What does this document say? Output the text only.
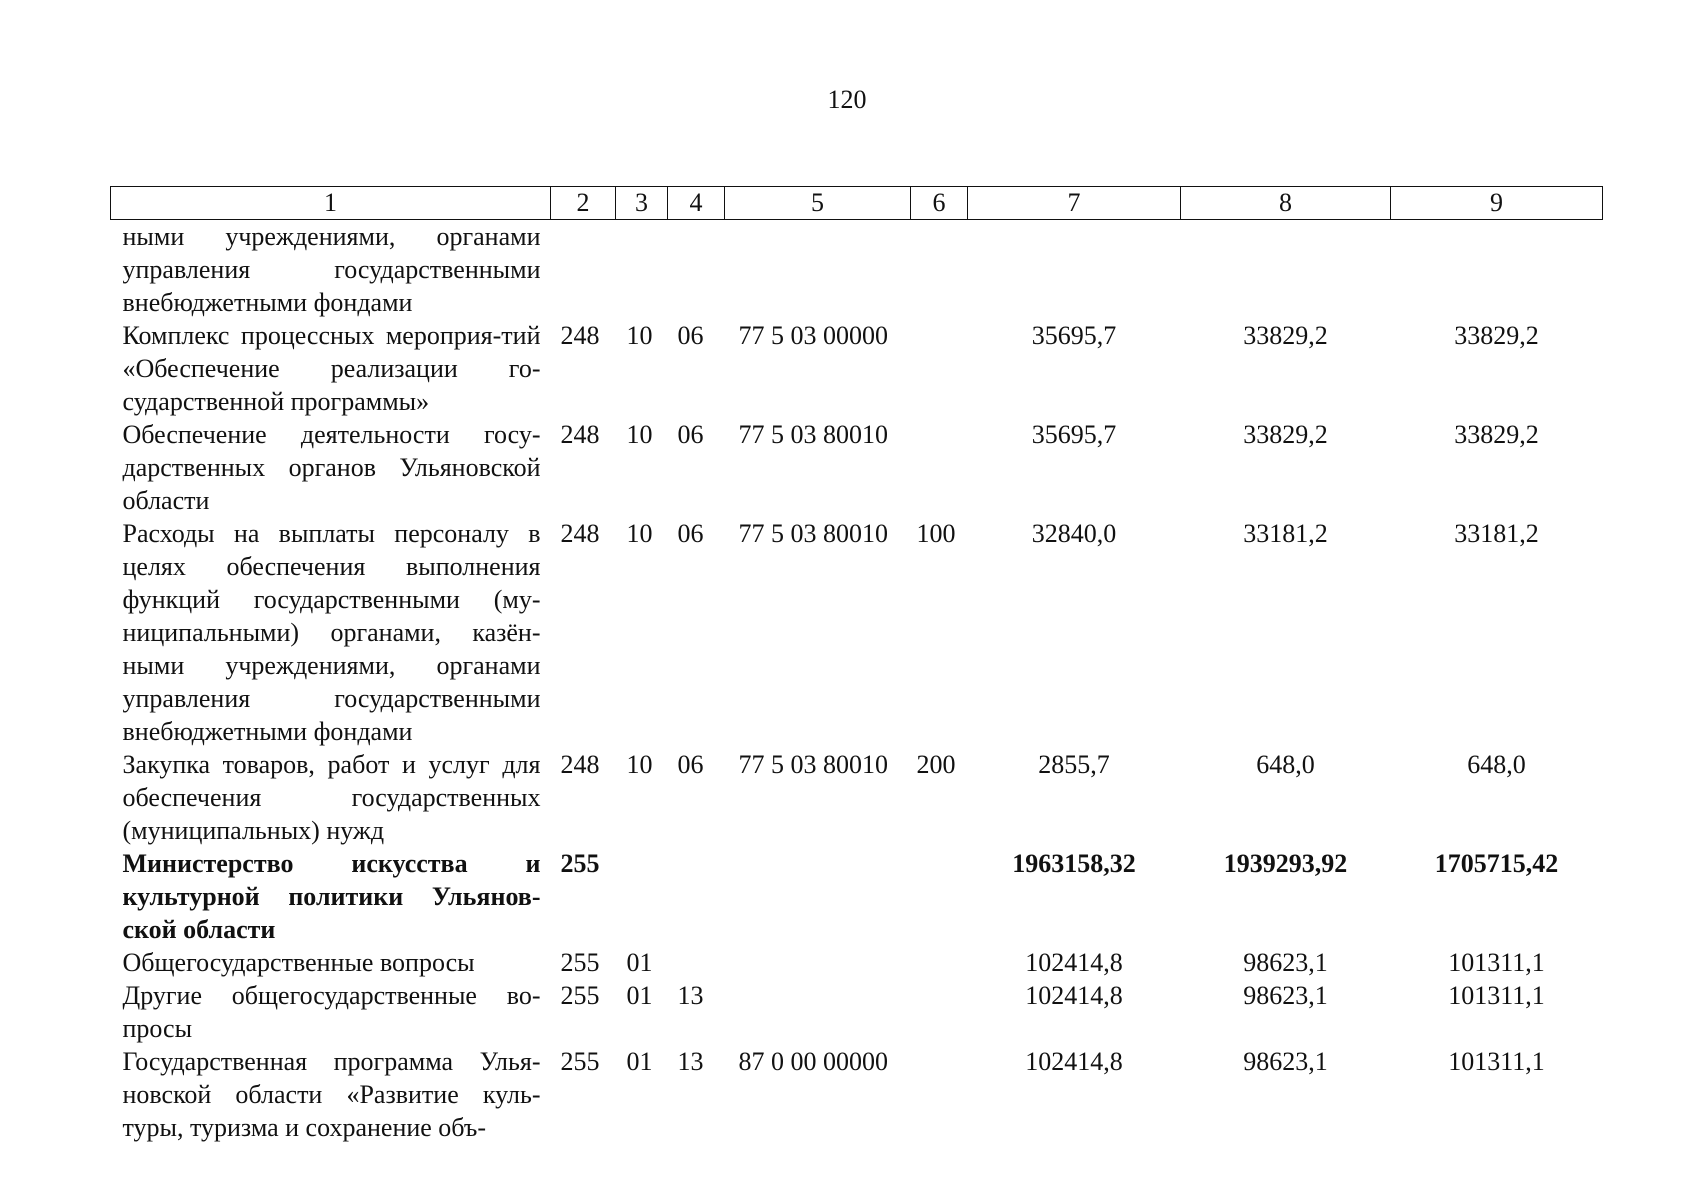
120
1	2	3	4	5	6	7	8	9
ными учреждениями, органами управления государственными внебюджетными фондами								
Комплекс процессных мероприя-тий «Обеспечение реализации го-сударственной программы»	248	10	06	77 5 03 00000		35695,7	33829,2	33829,2
Обеспечение деятельности госу-дарственных органов Ульяновской области	248	10	06	77 5 03 80010		35695,7	33829,2	33829,2
Расходы на выплаты персоналу в целях обеспечения выполнения функций государственными (му-ниципальными) органами, казён-ными учреждениями, органами управления государственными внебюджетными фондами	248	10	06	77 5 03 80010	100	32840,0	33181,2	33181,2
Закупка товаров, работ и услуг для обеспечения государственных (муниципальных) нужд	248	10	06	77 5 03 80010	200	2855,7	648,0	648,0
Министерство искусства и культурной политики Ульянов-ской области	255					1963158,32	1939293,92	1705715,42
Общегосударственные вопросы	255	01				102414,8	98623,1	101311,1
Другие общегосударственные во-просы	255	01	13			102414,8	98623,1	101311,1
Государственная программа Улья-новской области «Развитие куль-туры, туризма и сохранение объ-	255	01	13	87 0 00 00000		102414,8	98623,1	101311,1
